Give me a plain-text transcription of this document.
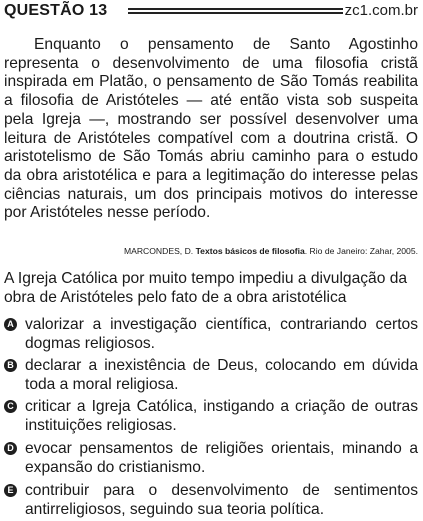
QUESTÃO 13	zc1.com.br

Enquanto o pensamento de Santo Agostinho representa o desenvolvimento de uma filosofia cristã inspirada em Platão, o pensamento de São Tomás reabilita a filosofia de Aristóteles — até então vista sob suspeita pela Igreja —, mostrando ser possível desenvolver uma leitura de Aristóteles compatível com a doutrina cristã. O aristotelismo de São Tomás abriu caminho para o estudo da obra aristotélica e para a legitimação do interesse pelas ciências naturais, um dos principais motivos do interesse por Aristóteles nesse período.

MARCONDES, D. Textos básicos de filosofia. Rio de Janeiro: Zahar, 2005.

A Igreja Católica por muito tempo impediu a divulgação da obra de Aristóteles pelo fato de a obra aristotélica

A valorizar a investigação científica, contrariando certos dogmas religiosos.

B declarar a inexistência de Deus, colocando em dúvida toda a moral religiosa.

C criticar a Igreja Católica, instigando a criação de outras instituições religiosas.

D evocar pensamentos de religiões orientais, minando a expansão do cristianismo.

E contribuir para o desenvolvimento de sentimentos antirreligiosos, seguindo sua teoria política.
